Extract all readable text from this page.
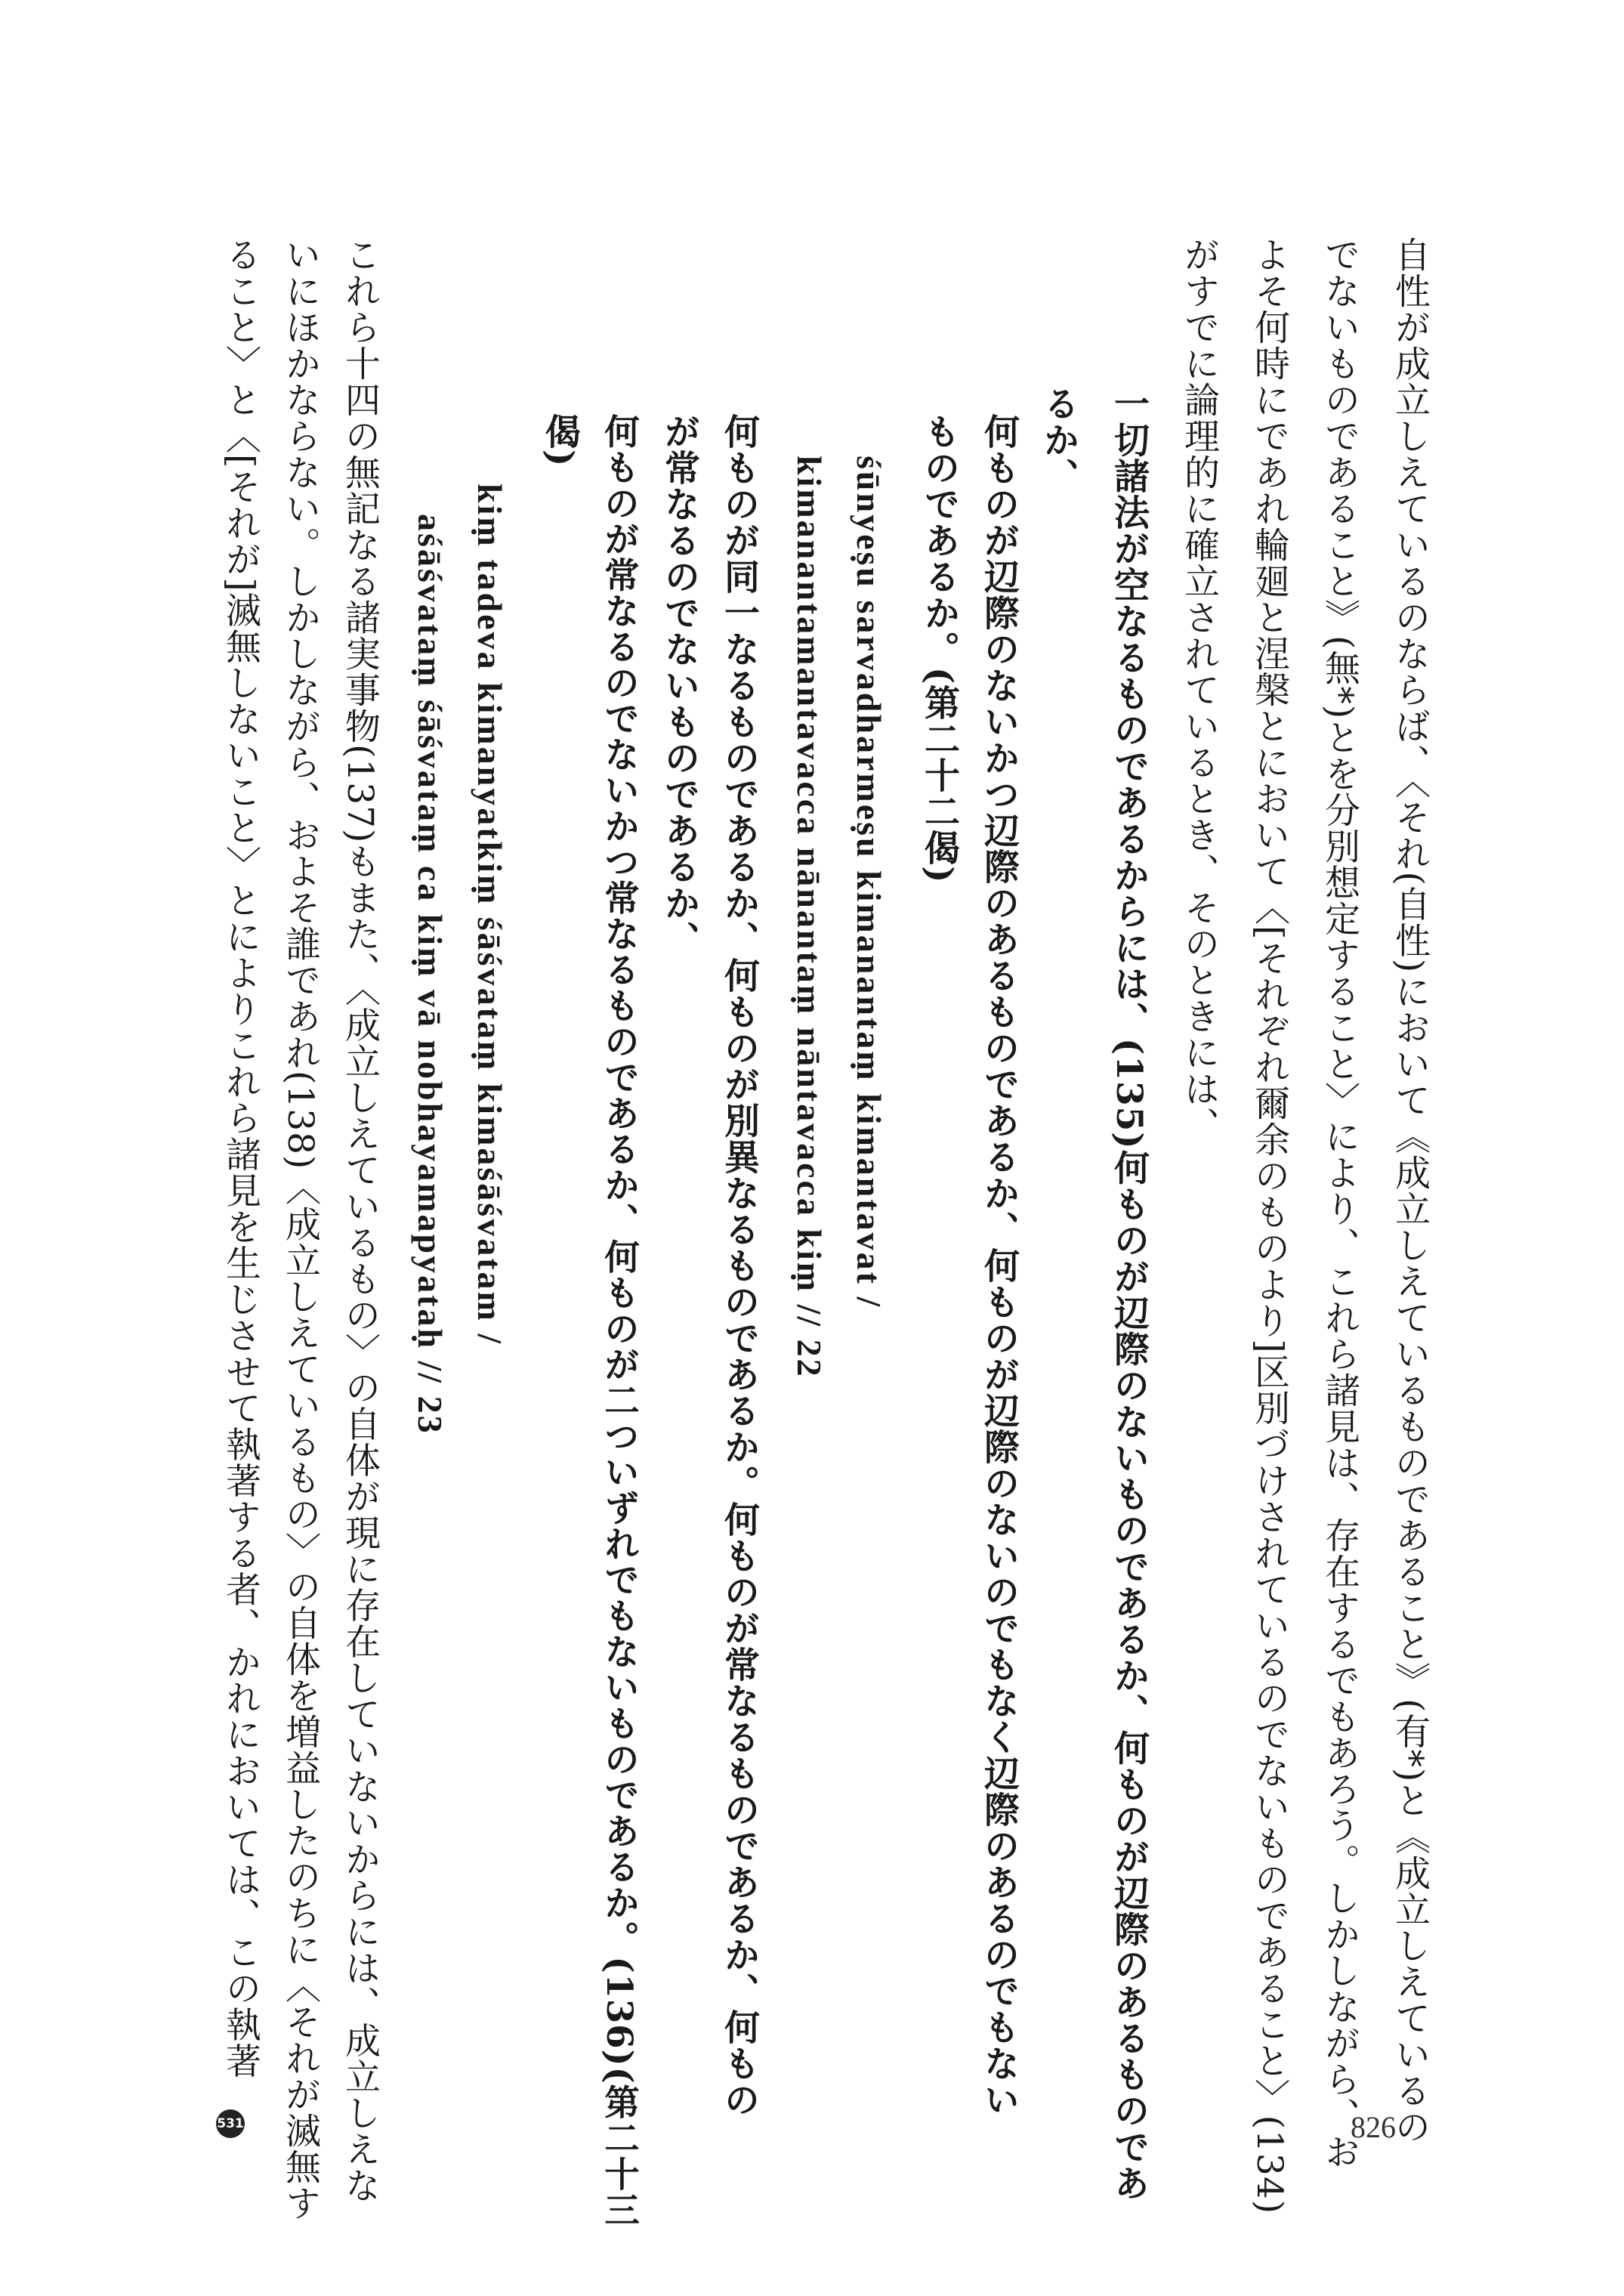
自性が成立しえているのならば、〈それ(自性)において《成立しえているものであること》(有*)と《成立しえているの
でないものであること》(無*)とを分別想定すること〉により、これら諸見は、存在するでもあろう。しかしながら、お
よそ何時にであれ輪廻と涅槃とにおいて〈[それぞれ爾余のものより]区別づけされているのでないものであること〉(134)
がすでに論理的に確立されているとき、そのときには、
一切諸法が空なるものであるからには、(135)何ものが辺際のないものであるか、何ものが辺際のあるものであ
るか、
何ものが辺際のないかつ辺際のあるものであるか、何ものが辺際のないのでもなく辺際のあるのでもない
ものであるか。(第二十二偈)
śūnyeṣu sarvadharmeṣu kimanantaṃ kimantavat /
kimanantamantavacca nānantaṃ nāntavacca kiṃ // 22
何ものが同一なるものであるか、何ものが別異なるものであるか。何ものが常なるものであるか、何もの
が常なるのでないものであるか、
何ものが常なるのでないかつ常なるものであるか、何ものが二ついずれでもないものであるか。(136)(第二十三
偈)
kiṃ tadeva kimanyatkiṃ śāśvataṃ kimaśāśvatam /
aśāśvataṃ śāśvataṃ ca kiṃ vā nobhayamapyataḥ // 23
これら十四の無記なる諸実事物(137)もまた、〈成立しえているもの〉の自体が現に存在していないからには、成立しえな
いにほかならない。しかしながら、およそ誰であれ(138)〈成立しえているもの〉の自体を増益したのちに〈それが滅無す
ること〉と〈[それが]滅無しないこと〉とによりこれら諸見を生じさせて執著する者、かれにおいては、この執著
826
531
